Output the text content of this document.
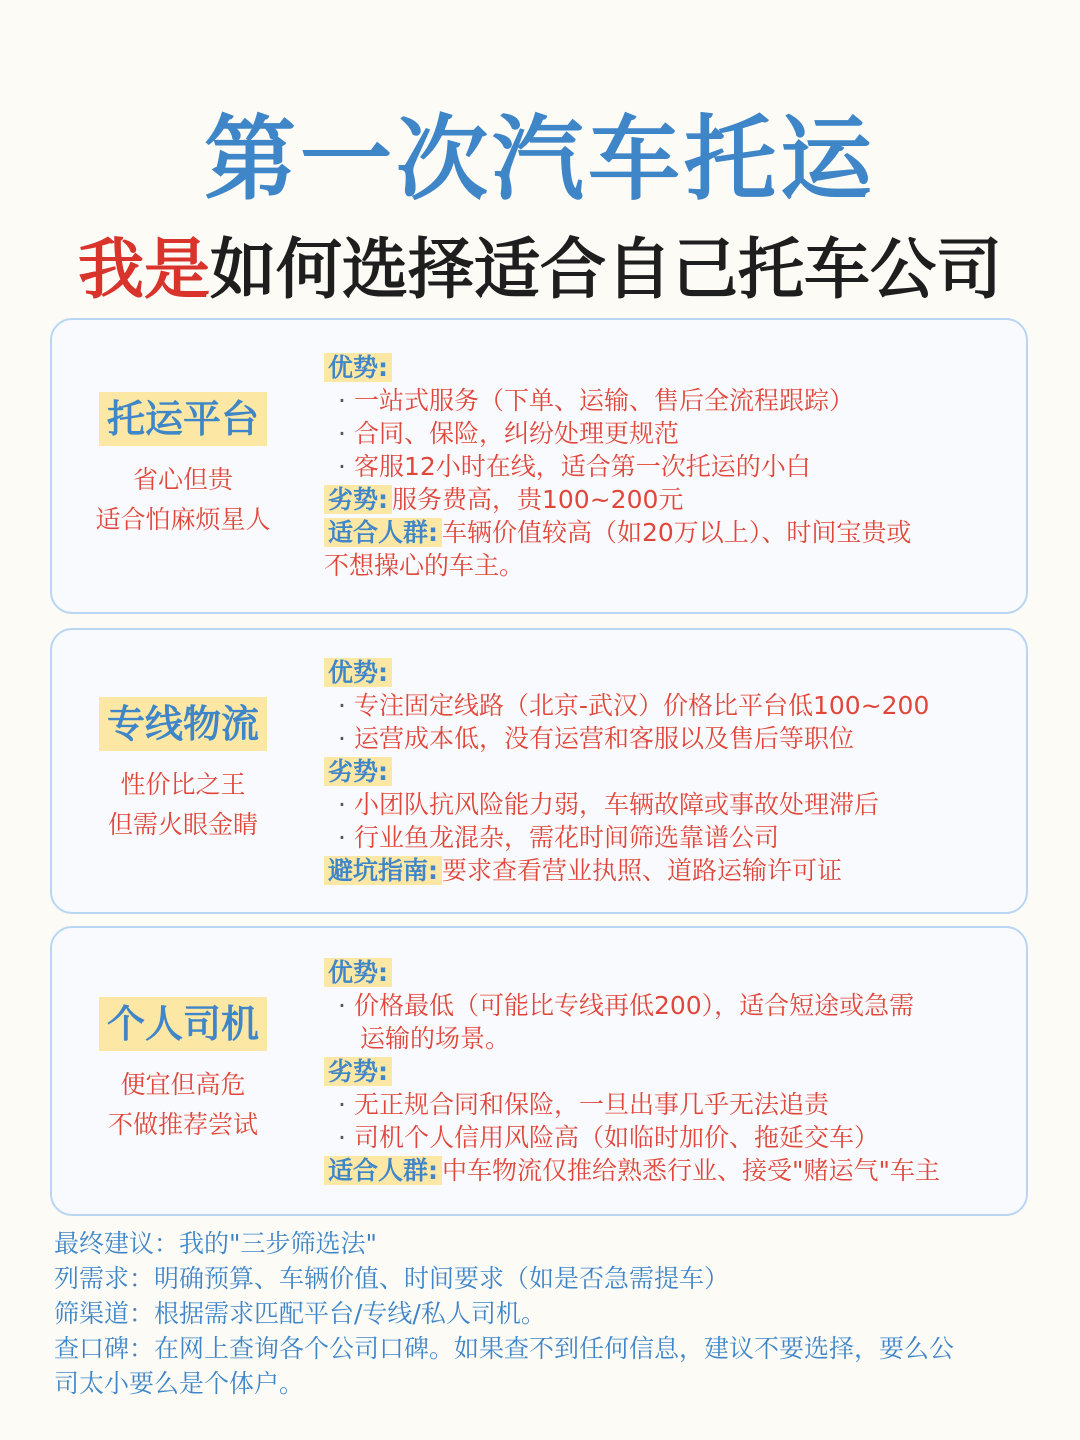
第一次汽车托运
我是如何选择适合自己托车公司
托运平台
省心但贵
适合怕麻烦星人
优势:
· 一站式服务（下单、运输、售后全流程跟踪）
· 合同、保险，纠纷处理更规范
· 客服12小时在线，适合第一次托运的小白
劣势: 服务费高，贵100~200元
适合人群: 车辆价值较高（如20万以上）、时间宝贵或
不想操心的车主。
专线物流
性价比之王
但需火眼金睛
优势:
· 专注固定线路（北京-武汉）价格比平台低100~200
· 运营成本低，没有运营和客服以及售后等职位
劣势:
· 小团队抗风险能力弱，车辆故障或事故处理滞后
· 行业鱼龙混杂，需花时间筛选靠谱公司
避坑指南: 要求查看营业执照、道路运输许可证
个人司机
便宜但高危
不做推荐尝试
优势:
· 价格最低（可能比专线再低200），适合短途或急需
运输的场景。
劣势:
· 无正规合同和保险，一旦出事几乎无法追责
· 司机个人信用风险高（如临时加价、拖延交车）
适合人群: 中车物流仅推给熟悉行业、接受"赌运气"车主
最终建议：我的"三步筛选法"
列需求：明确预算、车辆价值、时间要求（如是否急需提车）
筛渠道：根据需求匹配平台/专线/私人司机。
查口碑：在网上查询各个公司口碑。如果查不到任何信息，建议不要选择，要么公
司太小要么是个体户。
